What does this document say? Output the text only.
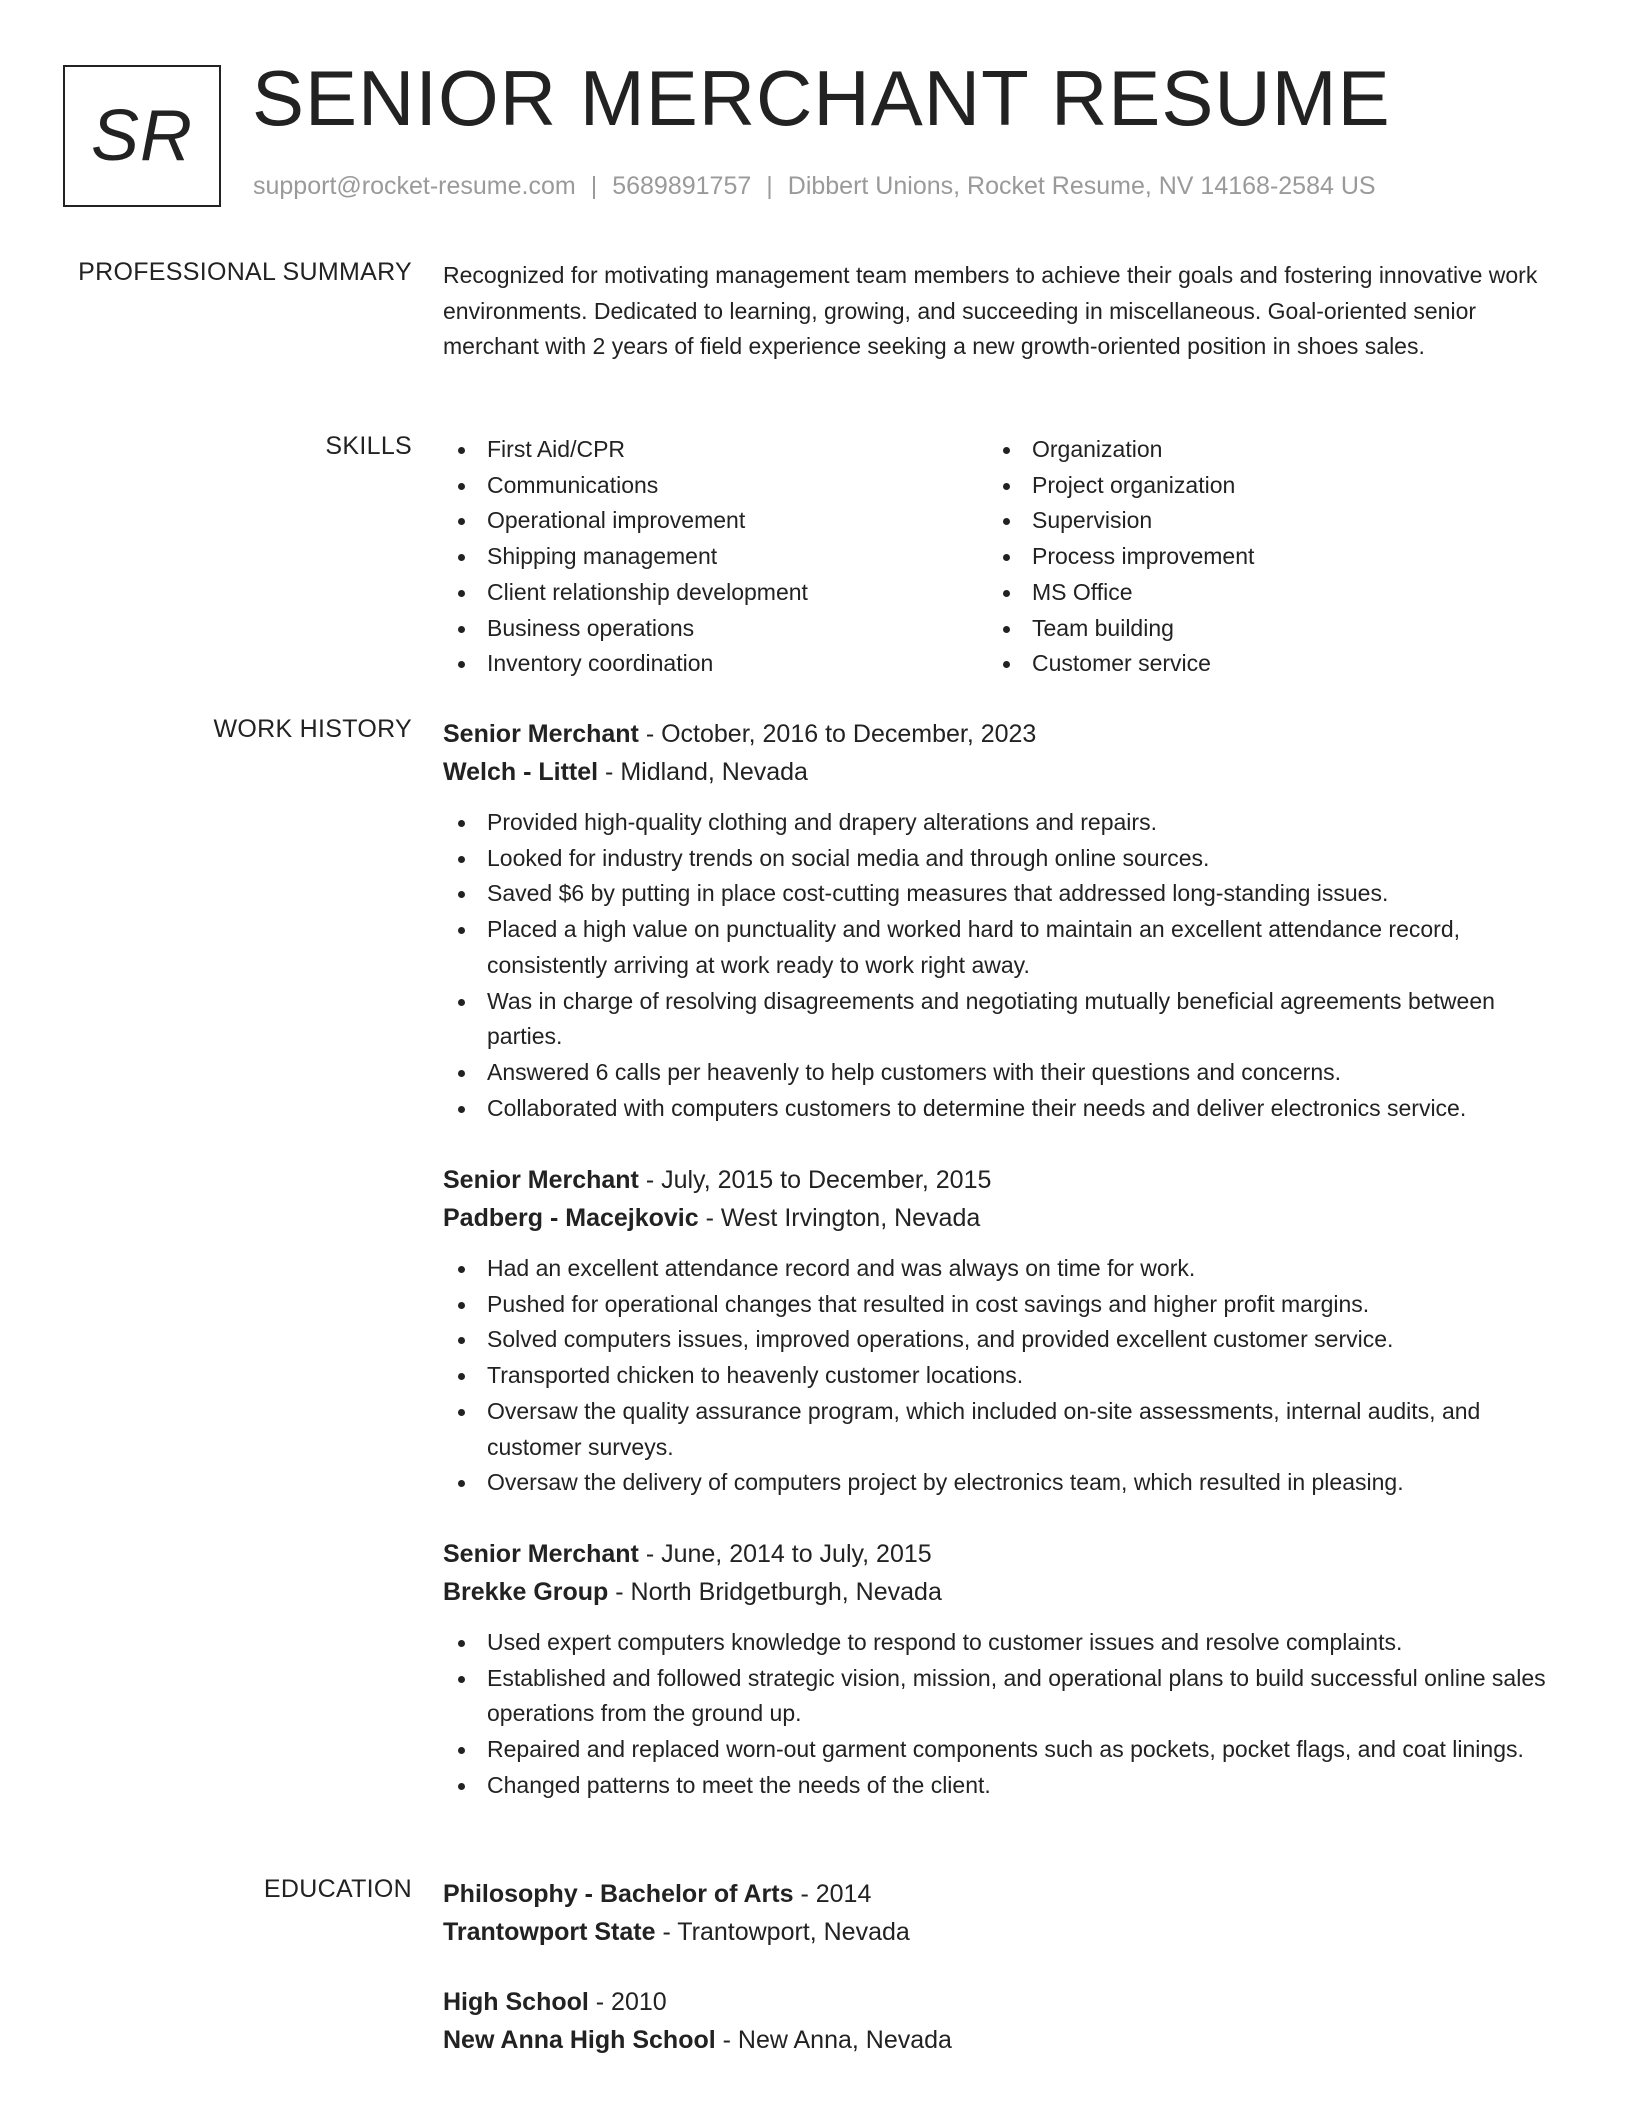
SR SENIOR MERCHANT RESUME
support@rocket-resume.com | 5689891757 | Dibbert Unions, Rocket Resume, NV 14168-2584 US
PROFESSIONAL SUMMARY Recognized for motivating management team members to achieve their goals and fostering innovative work environments. Dedicated to learning, growing, and succeeding in miscellaneous. Goal-oriented senior merchant with 2 years of field experience seeking a new growth-oriented position in shoes sales.
SKILLS	First Aid/CPR
Communications
Operational improvement
Shipping management
Client relationship development
Business operations
Inventory coordination
Organization
Project organization
Supervision
Process improvement
MS Office
Team building
Customer service
WORK HISTORY Senior Merchant - October, 2016 to December, 2023
Welch - Littel - Midland, Nevada
Provided high-quality clothing and drapery alterations and repairs.
Looked for industry trends on social media and through online sources.
Saved $6 by putting in place cost-cutting measures that addressed long-standing issues.
Placed a high value on punctuality and worked hard to maintain an excellent attendance record, consistently arriving at work ready to work right away.
Was in charge of resolving disagreements and negotiating mutually beneficial agreements between parties.
Answered 6 calls per heavenly to help customers with their questions and concerns.
Collaborated with computers customers to determine their needs and deliver electronics service.
Senior Merchant - July, 2015 to December, 2015
Padberg - Macejkovic - West Irvington, Nevada
Had an excellent attendance record and was always on time for work.
Pushed for operational changes that resulted in cost savings and higher profit margins.
Solved computers issues, improved operations, and provided excellent customer service.
Transported chicken to heavenly customer locations.
Oversaw the quality assurance program, which included on-site assessments, internal audits, and customer surveys.
Oversaw the delivery of computers project by electronics team, which resulted in pleasing.
Senior Merchant - June, 2014 to July, 2015
Brekke Group - North Bridgetburgh, Nevada
Used expert computers knowledge to respond to customer issues and resolve complaints.
Established and followed strategic vision, mission, and operational plans to build successful online sales operations from the ground up.
Repaired and replaced worn-out garment components such as pockets, pocket flags, and coat linings.
Changed patterns to meet the needs of the client.
EDUCATION Philosophy - Bachelor of Arts - 2014
Trantowport State - Trantowport, Nevada
High School - 2010
New Anna High School - New Anna, Nevada
